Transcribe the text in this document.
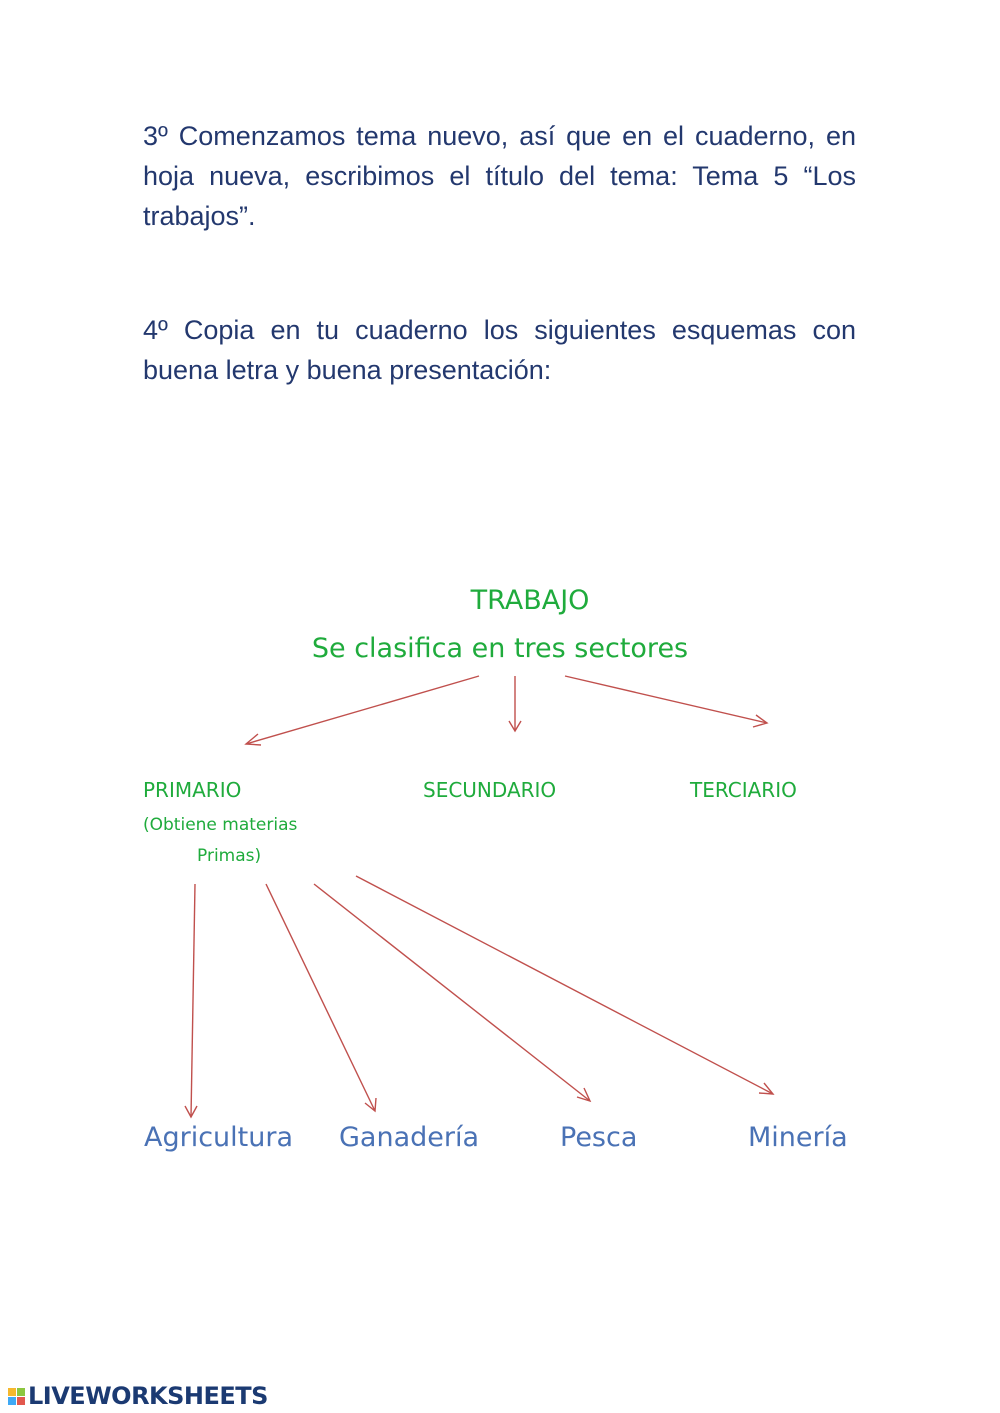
3º Comenzamos tema nuevo, así que en el cuaderno, en hoja nueva, escribimos el título del tema: Tema 5 “Los trabajos”.

4º Copia en tu cuaderno los siguientes esquemas con buena letra y buena presentación:

TRABAJO
Se clasifica en tres sectores
PRIMARIO	SECUNDARIO	TERCIARIO
(Obtiene materias
Primas)
Agricultura Ganadería	Pesca	Minería
LIVEWORKSHEETS
